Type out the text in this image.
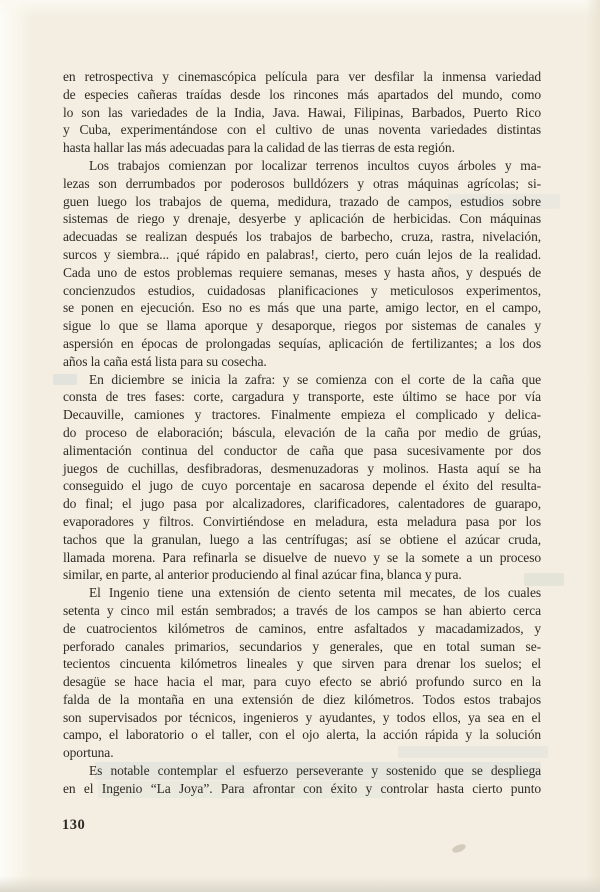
en retrospectiva y cinemascópica película para ver desfilar la inmensa variedad
de especies cañeras traídas desde los rincones más apartados del mundo, como
lo son las variedades de la India, Java. Hawai, Filipinas, Barbados, Puerto Rico
y Cuba, experimentándose con el cultivo de unas noventa variedades distintas
hasta hallar las más adecuadas para la calidad de las tierras de esta región.
Los trabajos comienzan por localizar terrenos incultos cuyos árboles y ma-
lezas son derrumbados por poderosos bulldózers y otras máquinas agrícolas; si-
guen luego los trabajos de quema, medidura, trazado de campos, estudios sobre
sistemas de riego y drenaje, desyerbe y aplicación de herbicidas. Con máquinas
adecuadas se realizan después los trabajos de barbecho, cruza, rastra, nivelación,
surcos y siembra... ¡qué rápido en palabras!, cierto, pero cuán lejos de la realidad.
Cada uno de estos problemas requiere semanas, meses y hasta años, y después de
concienzudos estudios, cuidadosas planificaciones y meticulosos experimentos,
se ponen en ejecución. Eso no es más que una parte, amigo lector, en el campo,
sigue lo que se llama aporque y desaporque, riegos por sistemas de canales y
aspersión en épocas de prolongadas sequías, aplicación de fertilizantes; a los dos
años la caña está lista para su cosecha.
En diciembre se inicia la zafra: y se comienza con el corte de la caña que
consta de tres fases: corte, cargadura y transporte, este último se hace por vía
Decauville, camiones y tractores. Finalmente empieza el complicado y delica-
do proceso de elaboración; báscula, elevación de la caña por medio de grúas,
alimentación continua del conductor de caña que pasa sucesivamente por dos
juegos de cuchillas, desfibradoras, desmenuzadoras y molinos. Hasta aquí se ha
conseguido el jugo de cuyo porcentaje en sacarosa depende el éxito del resulta-
do final; el jugo pasa por alcalizadores, clarificadores, calentadores de guarapo,
evaporadores y filtros. Convirtiéndose en meladura, esta meladura pasa por los
tachos que la granulan, luego a las centrífugas; así se obtiene el azúcar cruda,
llamada morena. Para refinarla se disuelve de nuevo y se la somete a un proceso
similar, en parte, al anterior produciendo al final azúcar fina, blanca y pura.
El Ingenio tiene una extensión de ciento setenta mil mecates, de los cuales
setenta y cinco mil están sembrados; a través de los campos se han abierto cerca
de cuatrocientos kilómetros de caminos, entre asfaltados y macadamizados, y
perforado canales primarios, secundarios y generales, que en total suman se-
tecientos cincuenta kilómetros lineales y que sirven para drenar los suelos; el
desagüe se hace hacia el mar, para cuyo efecto se abrió profundo surco en la
falda de la montaña en una extensión de diez kilómetros. Todos estos trabajos
son supervisados por técnicos, ingenieros y ayudantes, y todos ellos, ya sea en el
campo, el laboratorio o el taller, con el ojo alerta, la acción rápida y la solución
oportuna.
Es notable contemplar el esfuerzo perseverante y sostenido que se despliega
en el Ingenio “La Joya”. Para afrontar con éxito y controlar hasta cierto punto
130
